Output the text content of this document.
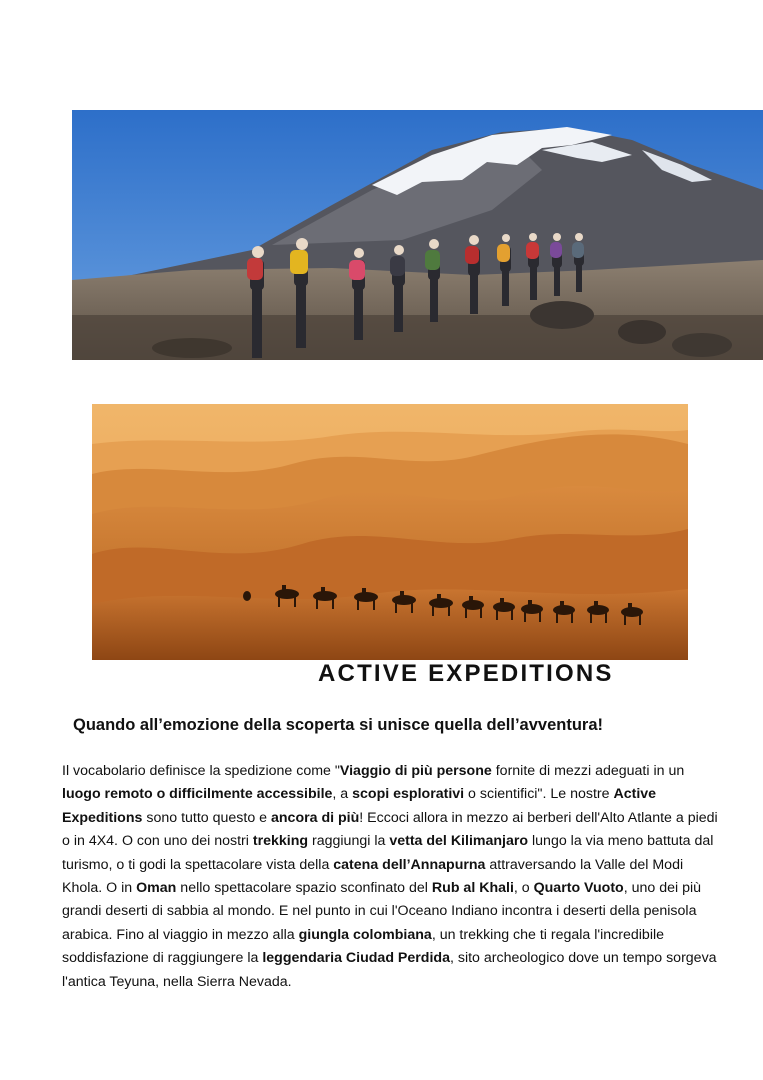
ACTIVE EXPEDITIONS
Quando all’emozione della scoperta si unisce quella dell’avventura!
Il vocabolario definisce la spedizione come "Viaggio di più persone fornite di mezzi adeguati in un luogo remoto o difficilmente accessibile, a scopi esplorativi o scientifici". Le nostre Active Expeditions sono tutto questo e ancora di più! Eccoci allora in mezzo ai berberi dell'Alto Atlante a piedi o in 4X4. O con uno dei nostri trekking raggiungi la vetta del Kilimanjaro lungo la via meno battuta dal turismo, o ti godi la spettacolare vista della catena dell’Annapurna attraversando la Valle del Modi Khola. O in Oman nello spettacolare spazio sconfinato del Rub al Khali, o Quarto Vuoto, uno dei più grandi deserti di sabbia al mondo. E nel punto in cui l'Oceano Indiano incontra i deserti della penisola arabica. Fino al viaggio in mezzo alla giungla colombiana, un trekking che ti regala l'incredibile soddisfazione di raggiungere la leggendaria Ciudad Perdida, sito archeologico dove un tempo sorgeva l'antica Teyuna, nella Sierra Nevada.
